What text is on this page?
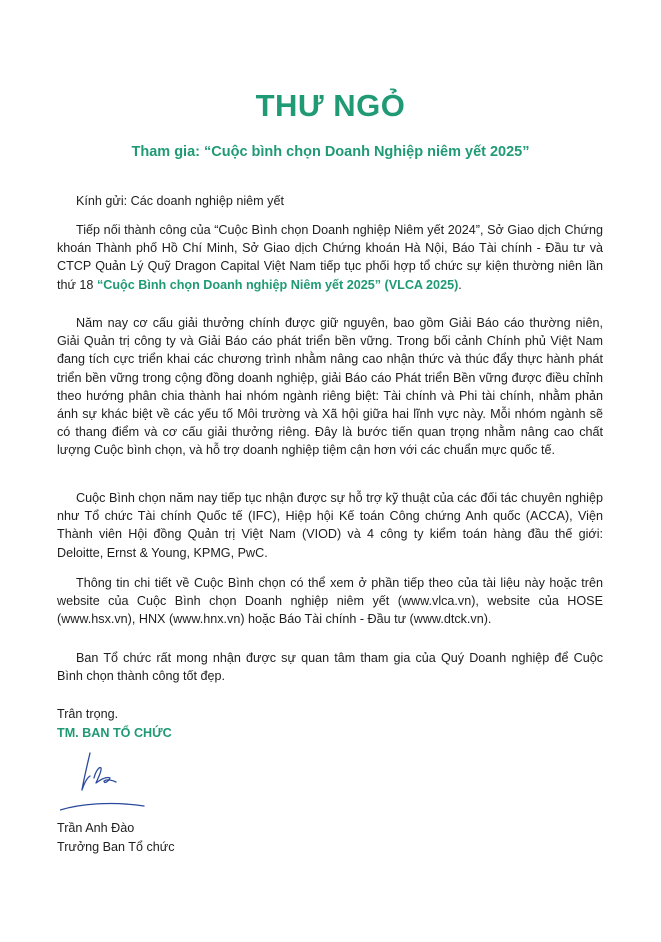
THƯ NGỎ
Tham gia: “Cuộc bình chọn Doanh Nghiệp niêm yết 2025”

Kính gửi: Các doanh nghiệp niêm yết

Tiếp nối thành công của “Cuộc Bình chọn Doanh nghiệp Niêm yết 2024”, Sở Giao dịch Chứng khoán Thành phố Hồ Chí Minh, Sở Giao dịch Chứng khoán Hà Nội, Báo Tài chính - Đầu tư và CTCP Quản Lý Quỹ Dragon Capital Việt Nam tiếp tục phối hợp tổ chức sự kiện thường niên lần thứ 18 “Cuộc Bình chọn Doanh nghiệp Niêm yết 2025” (VLCA 2025).

Năm nay cơ cấu giải thưởng chính được giữ nguyên, bao gồm Giải Báo cáo thường niên, Giải Quản trị công ty và Giải Báo cáo phát triển bền vững. Trong bối cảnh Chính phủ Việt Nam đang tích cực triển khai các chương trình nhằm nâng cao nhận thức và thúc đẩy thực hành phát triển bền vững trong cộng đồng doanh nghiệp, giải Báo cáo Phát triển Bền vững được điều chỉnh theo hướng phân chia thành hai nhóm ngành riêng biệt: Tài chính và Phi tài chính, nhằm phản ánh sự khác biệt về các yếu tố Môi trường và Xã hội giữa hai lĩnh vực này. Mỗi nhóm ngành sẽ có thang điểm và cơ cấu giải thưởng riêng. Đây là bước tiến quan trọng nhằm nâng cao chất lượng Cuộc bình chọn, và hỗ trợ doanh nghiệp tiệm cận hơn với các chuẩn mực quốc tế.

Cuộc Bình chọn năm nay tiếp tục nhận được sự hỗ trợ kỹ thuật của các đối tác chuyên nghiệp như Tổ chức Tài chính Quốc tế (IFC), Hiệp hội Kế toán Công chứng Anh quốc (ACCA), Viện Thành viên Hội đồng Quản trị Việt Nam (VIOD) và 4 công ty kiểm toán hàng đầu thế giới: Deloitte, Ernst & Young, KPMG, PwC.

Thông tin chi tiết về Cuộc Bình chọn có thể xem ở phần tiếp theo của tài liệu này hoặc trên website của Cuộc Bình chọn Doanh nghiệp niêm yết (www.vlca.vn), website của HOSE (www.hsx.vn), HNX (www.hnx.vn) hoặc Báo Tài chính - Đầu tư (www.dtck.vn).

Ban Tổ chức rất mong nhận được sự quan tâm tham gia của Quý Doanh nghiệp để Cuộc Bình chọn thành công tốt đẹp.

Trân trọng.

TM. BAN TỔ CHỨC

Trần Anh Đào

Trưởng Ban Tổ chức
